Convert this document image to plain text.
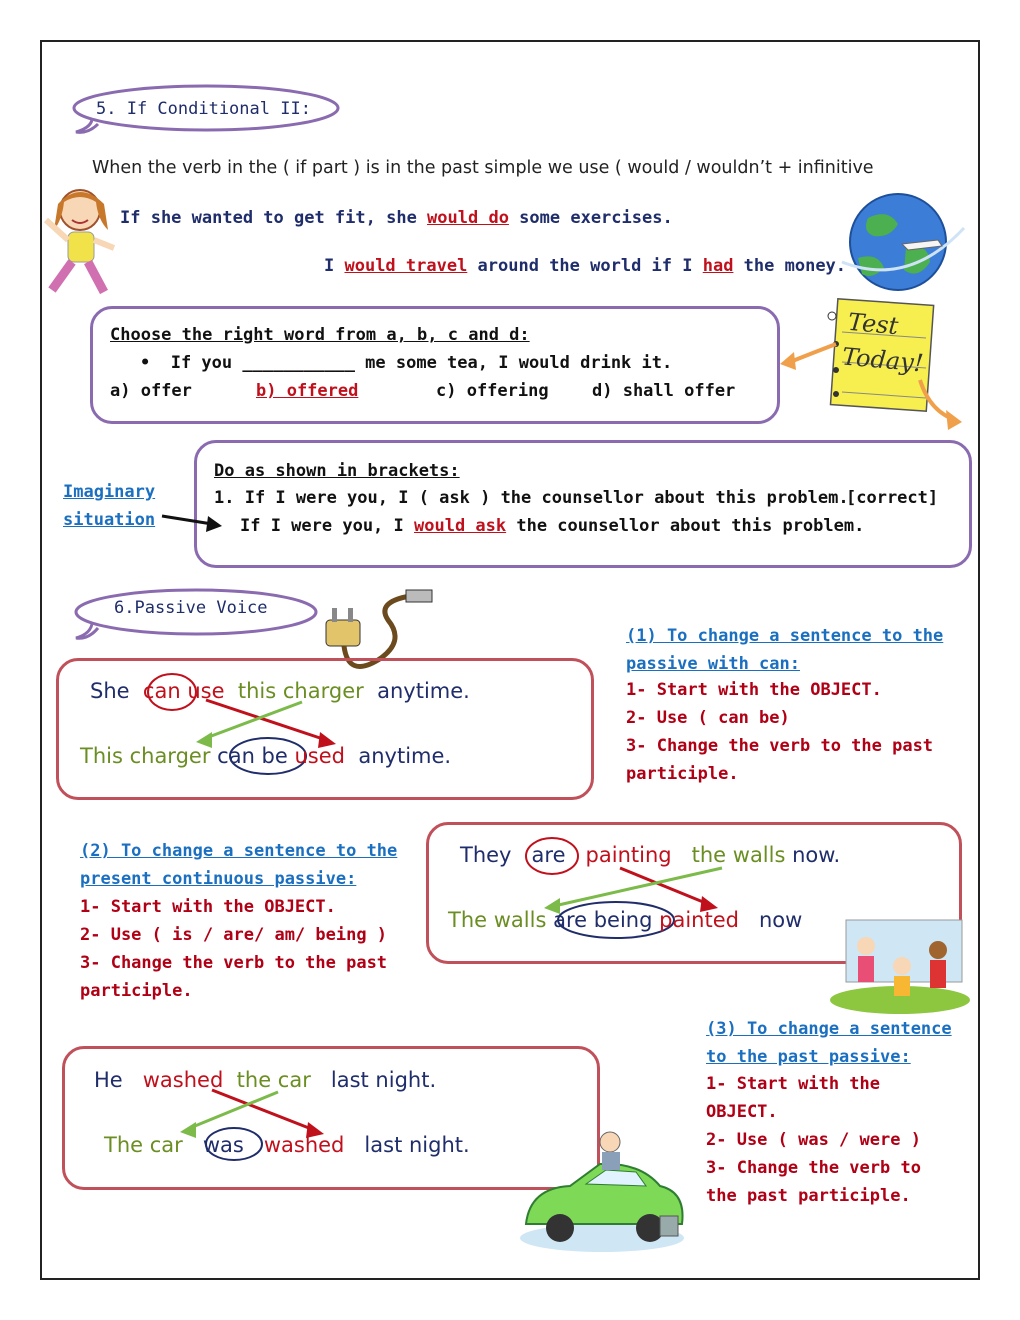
5. If Conditional II:
When the verb in the ( if part ) is in the past simple we use ( would / wouldn’t + infinitive
If she wanted to get fit, she would do some exercises.
I would travel around the world if I had the money.
Choose the right word from a, b, c and d:
•  If you ___________ me some tea, I would drink it.
a) offer	b) offered	c) offering	d) shall offer
Test
Today!
Do as shown in brackets:
1. If I were you, I ( ask ) the counsellor about this problem.
[correct]
If I were you, I would ask the counsellor about this problem.
Imaginary
situation
6.Passive Voice
She can use this charger anytime.
This charger can be used anytime.
(1) To change a sentence to the
passive with can:
1- Start with the OBJECT.
2- Use ( can be)
3- Change the verb to the past
participle.
(2) To change a sentence to the
present continuous passive:
1- Start with the OBJECT.
2- Use ( is / are/ am/ being )
3- Change the verb to the past
participle.
They are painting the walls now.
The walls are being painted now
(3) To change a sentence
to the past passive:
1- Start with the
OBJECT.
2- Use ( was / were )
3- Change the verb to
the past participle.
He washed the car last night.
The car was washed last night.
